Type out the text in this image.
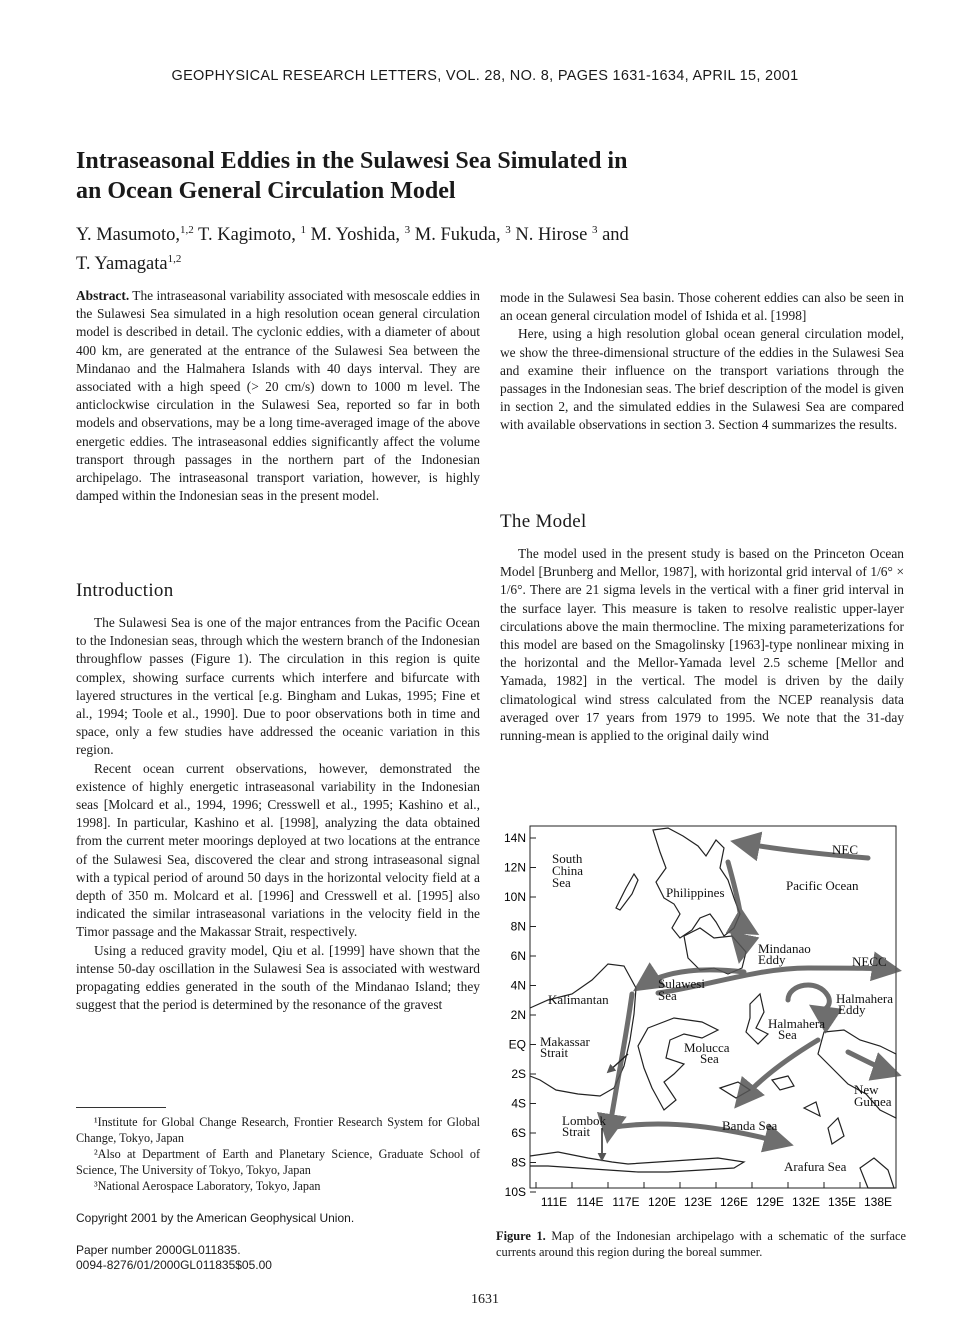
GEOPHYSICAL RESEARCH LETTERS, VOL. 28, NO. 8, PAGES 1631-1634, APRIL 15, 2001
Intraseasonal Eddies in the Sulawesi Sea Simulated in
an Ocean General Circulation Model
Y. Masumoto,$^{1,2}$ T. Kagimoto, $^1$ M. Yoshida, $^3$ M. Fukuda, $^3$ N. Hirose $^3$ and
T. Yamagata$^{1,2}$

Abstract. The intraseasonal variability associated with mesoscale eddies in the Sulawesi Sea simulated in a high resolution ocean general circulation model is described in detail. The cyclonic eddies, with a diameter of about 400 km, are generated at the entrance of the Sulawesi Sea between the Mindanao and the Halmahera Islands with 40 days interval. They are associated with a high speed (> 20 cm/s) down to 1000 m level. The anticlockwise circulation in the Sulawesi Sea, reported so far in both models and observations, may be a long time-averaged image of the above energetic eddies. The intraseasonal eddies significantly affect the volume transport through passages in the northern part of the Indonesian archipelago. The intraseasonal transport variation, however, is highly damped within the Indonesian seas in the present model.

Introduction

The Sulawesi Sea is one of the major entrances from the Pacific Ocean to the Indonesian seas, through which the western branch of the Indonesian throughflow passes (Figure 1). The circulation in this region is quite complex, showing surface currents which interfere and bifurcate with layered structures in the vertical [e.g. Bingham and Lukas, 1995; Fine et al., 1994; Toole et al., 1990]. Due to poor observations both in time and space, only a few studies have addressed the oceanic variation in this region.

Recent ocean current observations, however, demonstrated the existence of highly energetic intraseasonal variability in the Indonesian seas [Molcard et al., 1994, 1996; Cresswell et al., 1995; Kashino et al., 1998]. In particular, Kashino et al. [1998], analyzing the data obtained from the current meter moorings deployed at two locations at the entrance of the Sulawesi Sea, discovered the clear and strong intraseasonal signal with a typical period of around 50 days in the horizontal velocity field at a depth of 350 m. Molcard et al. [1996] and Cresswell et al. [1995] also indicated the similar intraseasonal variations in the velocity field in the Timor passage and the Makassar Strait, respectively.

Using a reduced gravity model, Qiu et al. [1999] have shown that the intense 50-day oscillation in the Sulawesi Sea is associated with westward propagating eddies generated in the south of the Mindanao Island; they suggest that the period is determined by the resonance of the gravest

¹Institute for Global Change Research, Frontier Research System for Global Change, Tokyo, Japan

²Also at Department of Earth and Planetary Science, Graduate School of Science, The University of Tokyo, Tokyo, Japan

³National Aerospace Laboratory, Tokyo, Japan

Copyright 2001 by the American Geophysical Union.
Paper number 2000GL011835.
0094-8276/01/2000GL011835$05.00

mode in the Sulawesi Sea basin. Those coherent eddies can also be seen in an ocean general circulation model of Ishida et al. [1998]

Here, using a high resolution global ocean general circulation model, we show the three-dimensional structure of the eddies in the Sulawesi Sea and examine their influence on the transport variations through the passages in the Indonesian seas. The brief description of the model is given in section 2, and the simulated eddies in the Sulawesi Sea are compared with available observations in section 3. Section 4 summarizes the results.

The Model

The model used in the present study is based on the Princeton Ocean Model [Brunberg and Mellor, 1987], with horizontal grid interval of 1/6° × 1/6°. There are 21 sigma levels in the vertical with a finer grid interval in the surface layer. This measure is taken to resolve realistic upper-layer circulations above the main thermocline. The mixing parameterizations for this model are based on the Smagolinsky [1963]-type nonlinear mixing in the horizontal and the Mellor-Yamada level 2.5 scheme [Mellor and Yamada, 1982] in the vertical. The model is driven by the daily climatological wind stress calculated from the NCEP reanalysis data averaged over 17 years from 1979 to 1995. We note that the 31-day running-mean is applied to the original daily wind

14N
12N
10N
8N
6N
4N
2N
EQ
2S
4S
6S
8S
10S
111E 114E 117E 120E 123E 126E 129E 132E 135E 138E
South
China
Sea
Philippines
NEC
Pacific Ocean
Mindanao
Eddy	NECC
Sulawesi
Sea
Kalimantan	Halmahera
Eddy
Halmahera
Sea
Makassar
Strait	Molucca
Sea
New
Guinea
Lombok
Strait	Banda Sea
Arafura Sea
Figure 1. Map of the Indonesian archipelago with a schematic of the surface currents around this region during the boreal summer.
1631
